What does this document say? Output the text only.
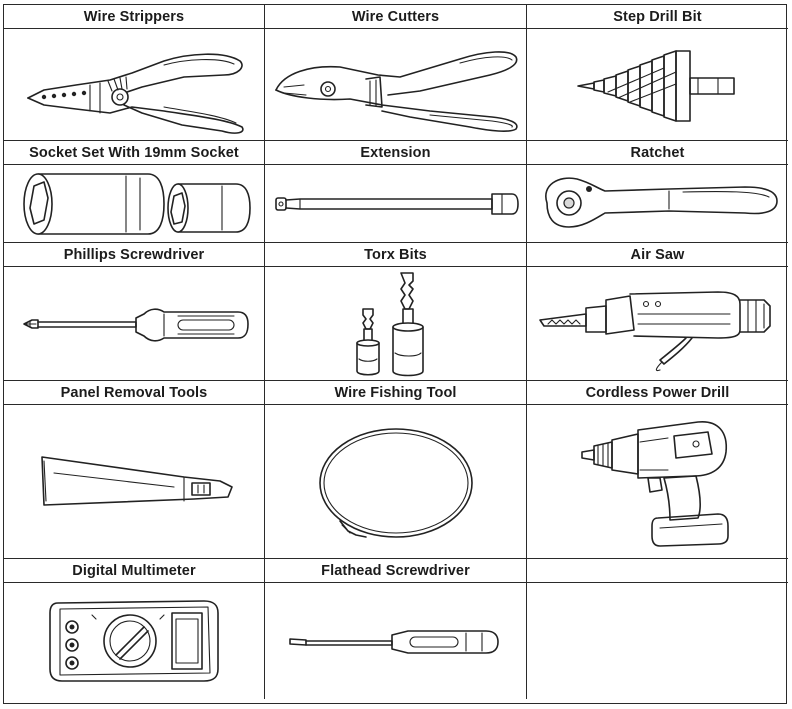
Wire Strippers	Wire Cutters	Step Drill Bit
Socket Set With 19mm Socket	Extension	Ratchet
Phillips Screwdriver	Torx Bits	Air Saw
Panel Removal Tools	Wire Fishing Tool	Cordless Power Drill
Digital Multimeter	Flathead Screwdriver
